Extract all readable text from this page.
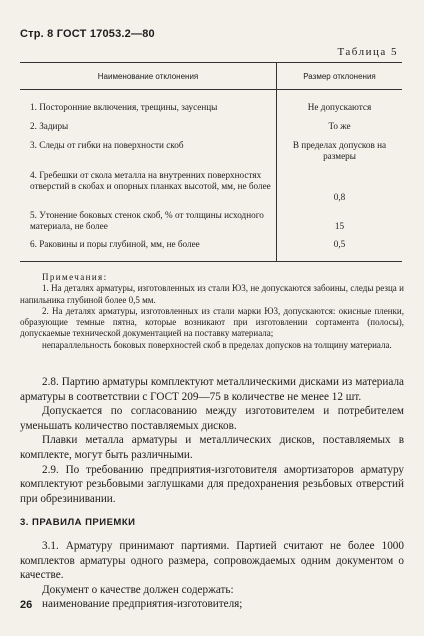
Стр. 8 ГОСТ 17053.2—80
Таблица 5
Наименование отклонения	Размер отклонения
1. Посторонние включения, трещины, заусенцы	Не допускаются
2. Задиры	То же
3. Следы от гибки на поверхности скоб	В пределах допусков на размеры
4. Гребешки от скола металла на внутренних поверхностях отверстий в скобах и опорных планках высотой, мм, не более	0,8
5. Утонение боковых стенок скоб, % от толщины исходного материала, не более	15
6. Раковины и поры глубиной, мм, не более	0,5
Примечания:

1. На деталях арматуры, изготовленных из стали Ю3, не допускаются забоины, следы резца и напильника глубиной более 0,5 мм.

2. На деталях арматуры, изготовленных из стали марки Ю3, допускаются: окисные пленки, образующие темные пятна, которые возникают при изготовлении сортамента (полосы), допускаемые технической документацией на поставку материала;

непараллельность боковых поверхностей скоб в пределах допусков на толщину материала.

2.8. Партию арматуры комплектуют металлическими дисками из материала арматуры в соответствии с ГОСТ 209—75 в количестве не менее 12 шт.

Допускается по согласованию между изготовителем и потребителем уменьшать количество поставляемых дисков.

Плавки металла арматуры и металлических дисков, поставляемых в комплекте, могут быть различными.

2.9. По требованию предприятия-изготовителя амортизаторов арматуру комплектуют резьбовыми заглушками для предохранения резьбовых отверстий при обрезинивании.

3. ПРАВИЛА ПРИЕМКИ

3.1. Арматуру принимают партиями. Партией считают не более 1000 комплектов арматуры одного размера, сопровождаемых одним документом о качестве.

Документ о качестве должен содержать:

наименование предприятия-изготовителя;

26
